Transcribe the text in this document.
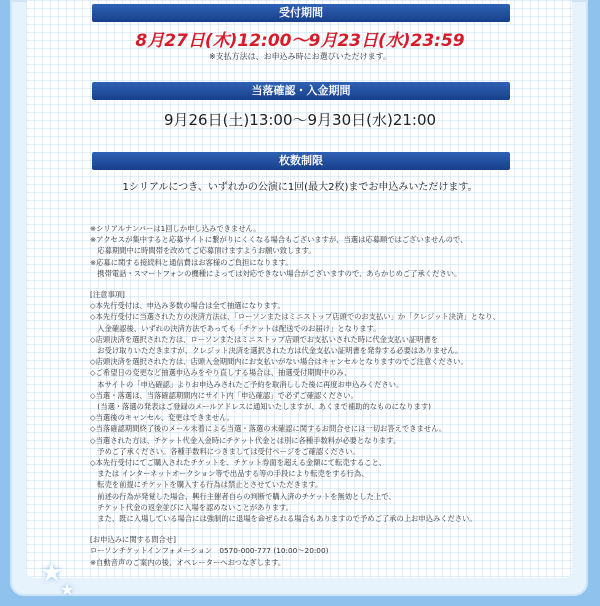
受付期間
8月27日(木)12:00〜9月23日(水)23:59
※支払方法は、お申込み時にお選びいただけます。
当落確認・入金期間
9月26日(土)13:00〜9月30日(水)21:00
枚数制限
1シリアルにつき、いずれかの公演に1回(最大2枚)までお申込みいただけます。
※シリアルナンバーは1回しか申し込みできません。
※アクセスが集中すると応募サイトに繋がりにくくなる場合もございますが、当選は応募順ではございませんので、
　応募期間中に時間帯を改めてご応募頂けますようお願い致します。
※応募に関する接続料と通信費はお客様のご負担になります。
　携帯電話・スマートフォンの機種によっては対応できない場合がございますので、あらかじめご了承ください。
[注意事項]
◇本先行受付は、申込み多数の場合は全て抽選になります。
◇本先行受付に当選された方の決済方法は、「ローソンまたはミニストップ店頭でのお支払い」か「クレジット決済」となり、
　入金確認後、いずれの決済方法であっても「チケットは配送でのお届け」となります。
◇店頭決済を選択された方は、ローソンまたはミニストップ店頭でお支払いされた時に代金支払い証明書を
　お受け取りいただきますが、クレジット決済を選択された方は代金支払い証明書を発券する必要はありません。
◇店頭決済を選択された方は、店頭入金期間内にお支払いがない場合はキャンセルとなりますのでご注意ください。
◇ご希望日の変更など抽選申込みをやり直しする場合は、抽選受付期間中のみ、
　本サイトの「申込確認」よりお申込みされたご予約を取消しした後に再度お申込みください。
◇当選・落選は、当落確認期間内にサイト内「申込確認」で必ずご確認ください。
　(当選・落選の発表はご登録のメールアドレスに通知いたしますが、あくまで補助的なものになります)
◇当選後のキャンセル、変更はできません。
◇当落確認期間終了後のメール未着による当選・落選の未確認に関するお問合せには一切お答えできません。
◇当選された方は、チケット代金入金時にチケット代金とは別に各種手数料が必要となります。
　予めご了承ください。各種手数料につきましては受付ページをご確認ください。
◇本先行受付にてご購入されたチケットを、チケット券面を超える金額にて転売すること、
　または インターネットオークション等で出品する等の手段により転売をする行為、
　転売を前提にチケットを購入する行為は禁止とさせていただきます。
　前述の行為が発覚した場合、興行主催者自らの判断で購入済のチケットを無効とした上で、
　チケット代金の返金並びに入場を認めないことがあります。
　また、既に入場している場合には強制的に退場を命ぜられる場合もありますので予めご了承の上お申込みください。
[お申込みに関する問合せ]
ローソンチケットインフォメーション　0570-000-777 (10:00〜20:00)
※自動音声のご案内の後、オペレーターへおつなぎします。
★
★
